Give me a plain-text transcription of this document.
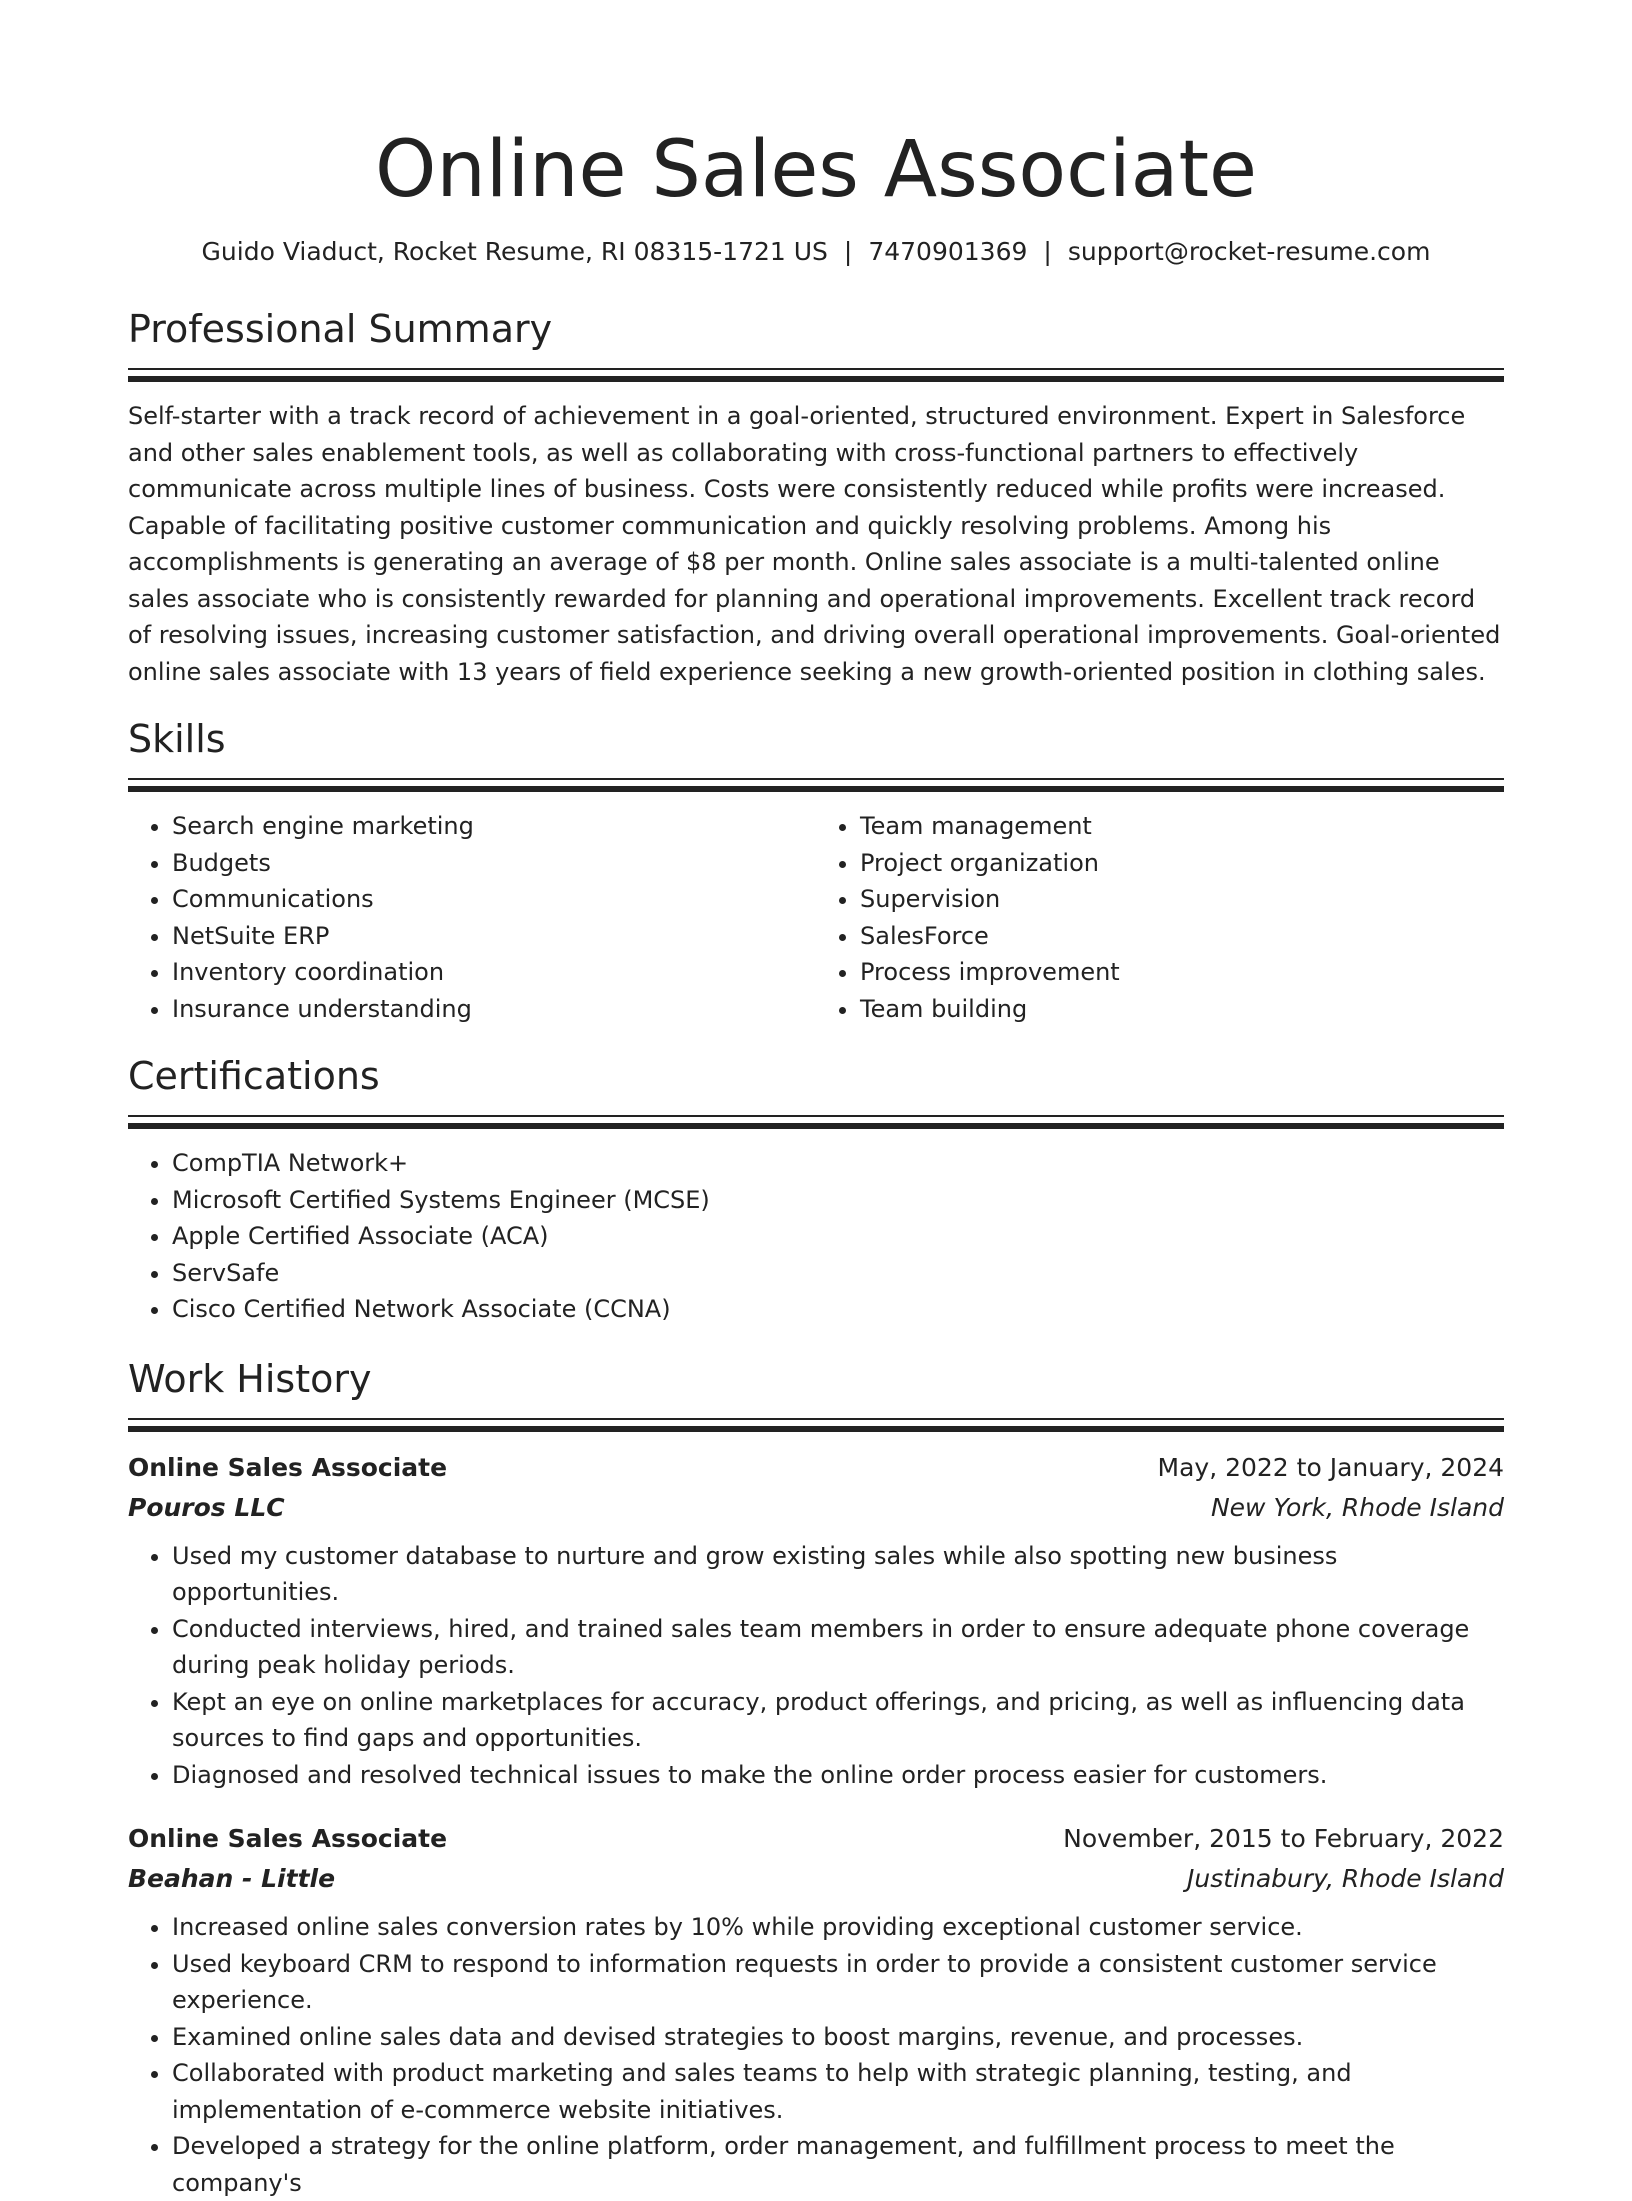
Online Sales Associate
Guido Viaduct, Rocket Resume, RI 08315-1721 US | 7470901369 | support@rocket-resume.com
Professional Summary

Self-starter with a track record of achievement in a goal-oriented, structured environment. Expert in Salesforce and other sales enablement tools, as well as collaborating with cross-functional partners to effectively communicate across multiple lines of business. Costs were consistently reduced while profits were increased. Capable of facilitating positive customer communication and quickly resolving problems. Among his accomplishments is generating an average of $8 per month. Online sales associate is a multi-talented online sales associate who is consistently rewarded for planning and operational improvements. Excellent track record of resolving issues, increasing customer satisfaction, and driving overall operational improvements. Goal-oriented online sales associate with 13 years of field experience seeking a new growth-oriented position in clothing sales.

Skills
• Search engine marketing
• Budgets
• Communications
• NetSuite ERP
• Inventory coordination
• Insurance understanding
• Team management
• Project organization
• Supervision
• SalesForce
• Process improvement
• Team building
Certifications
• CompTIA Network+
• Microsoft Certified Systems Engineer (MCSE)
• Apple Certified Associate (ACA)
• ServSafe
• Cisco Certified Network Associate (CCNA)
Work History
Online Sales Associate	May, 2022 to January, 2024
Pouros LLC	New York, Rhode Island
• Used my customer database to nurture and grow existing sales while also spotting new business opportunities.
• Conducted interviews, hired, and trained sales team members in order to ensure adequate phone coverage during peak holiday periods.
• Kept an eye on online marketplaces for accuracy, product offerings, and pricing, as well as influencing data sources to find gaps and opportunities.
• Diagnosed and resolved technical issues to make the online order process easier for customers.
Online Sales Associate	November, 2015 to February, 2022
Beahan - Little	Justinabury, Rhode Island
• Increased online sales conversion rates by 10% while providing exceptional customer service.
• Used keyboard CRM to respond to information requests in order to provide a consistent customer service experience.
• Examined online sales data and devised strategies to boost margins, revenue, and processes.
• Collaborated with product marketing and sales teams to help with strategic planning, testing, and implementation of e-commerce website initiatives.
• Developed a strategy for the online platform, order management, and fulfillment process to meet the company's
